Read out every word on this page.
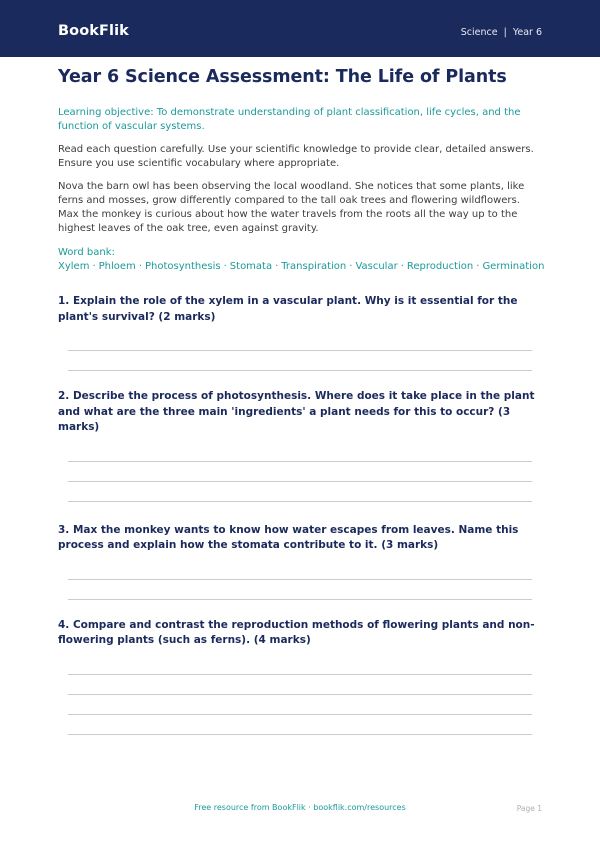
BookFlik	Science | Year 6
Year 6 Science Assessment: The Life of Plants

Learning objective: To demonstrate understanding of plant classification, life cycles, and the function of vascular systems.

Read each question carefully. Use your scientific knowledge to provide clear, detailed answers. Ensure you use scientific vocabulary where appropriate.

Nova the barn owl has been observing the local woodland. She notices that some plants, like ferns and mosses, grow differently compared to the tall oak trees and flowering wildflowers. Max the monkey is curious about how the water travels from the roots all the way up to the highest leaves of the oak tree, even against gravity.

Word bank: Xylem · Phloem · Photosynthesis · Stomata · Transpiration · Vascular · Reproduction · Germination

1. Explain the role of the xylem in a vascular plant. Why is it essential for the plant's survival? (2 marks)

2. Describe the process of photosynthesis. Where does it take place in the plant and what are the three main 'ingredients' a plant needs for this to occur? (3 marks)

3. Max the monkey wants to know how water escapes from leaves. Name this process and explain how the stomata contribute to it. (3 marks)

4. Compare and contrast the reproduction methods of flowering plants and non-flowering plants (such as ferns). (4 marks)

Free resource from BookFlik · bookflik.com/resources	Page 1
